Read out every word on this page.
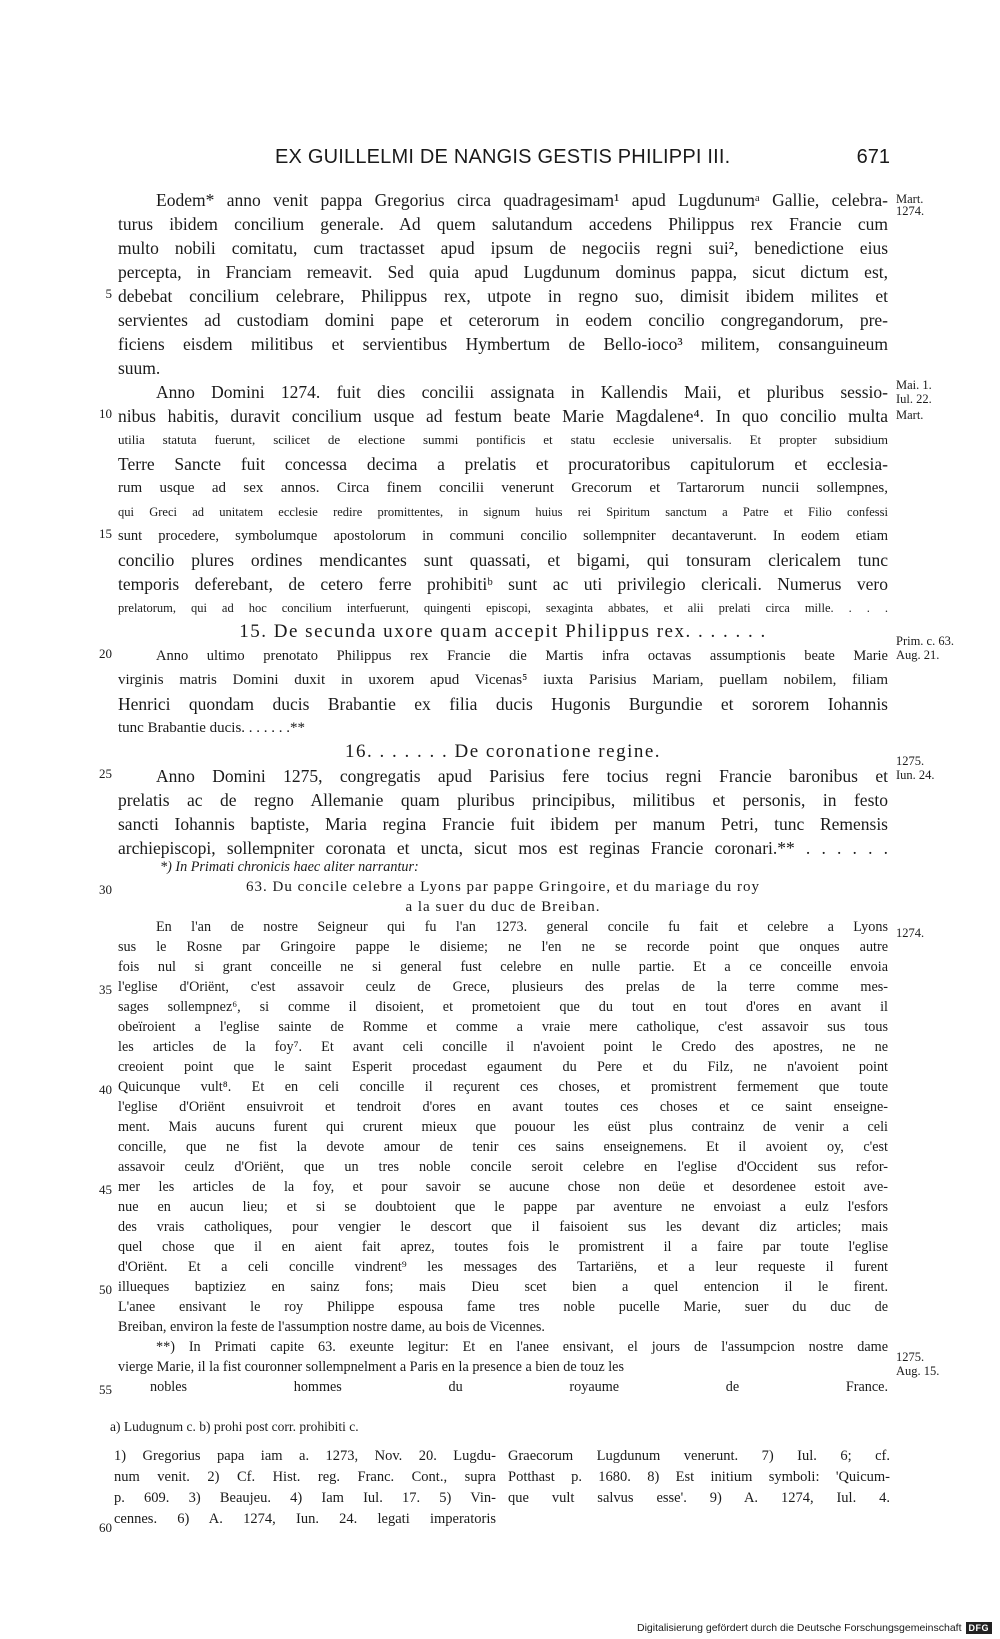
EX GUILLELMI DE NANGIS GESTIS PHILIPPI III.	671
Eodem* anno venit pappa Gregorius circa quadragesimam¹ apud Lugdunumᵃ Gallie, celebra-
turus ibidem concilium generale. Ad quem salutandum accedens Philippus rex Francie cum
multo nobili comitatu, cum tractasset apud ipsum de negociis regni sui², benedictione eius
percepta, in Franciam remeavit. Sed quia apud Lugdunum dominus pappa, sicut dictum est,
debebat concilium celebrare, Philippus rex, utpote in regno suo, dimisit ibidem milites et
servientes ad custodiam domini pape et ceterorum in eodem concilio congregandorum, pre-
ficiens eisdem militibus et servientibus Hymbertum de Bello-ioco³ militem, consanguineum
suum.
Anno Domini 1274. fuit dies concilii assignata in Kallendis Maii, et pluribus sessio-
nibus habitis, duravit concilium usque ad festum beate Marie Magdalene⁴. In quo concilio multa
utilia statuta fuerunt, scilicet de electione summi pontificis et statu ecclesie universalis. Et propter subsidium
Terre Sancte fuit concessa decima a prelatis et procuratoribus capitulorum et ecclesia-
rum usque ad sex annos. Circa finem concilii venerunt Grecorum et Tartarorum nuncii sollempnes,
qui Greci ad unitatem ecclesie redire promittentes, in signum huius rei Spiritum sanctum a Patre et Filio confessi
sunt procedere, symbolumque apostolorum in communi concilio sollempniter decantaverunt. In eodem etiam
concilio plures ordines mendicantes sunt quassati, et bigami, qui tonsuram clericalem tunc
temporis deferebant, de cetero ferre prohibitiᵇ sunt ac uti privilegio clericali. Numerus vero
prelatorum, qui ad hoc concilium interfuerunt, quingenti episcopi, sexaginta abbates, et alii prelati circa mille. . . .
15. De secunda uxore quam accepit Philippus rex. . . . . . .
Anno ultimo prenotato Philippus rex Francie die Martis infra octavas assumptionis beate Marie
virginis matris Domini duxit in uxorem apud Vicenas⁵ iuxta Parisius Mariam, puellam nobilem, filiam
Henrici quondam ducis Brabantie ex filia ducis Hugonis Burgundie et sororem Iohannis
tunc Brabantie ducis. . . . . . .**
16. . . . . . . De coronatione regine.
Anno Domini 1275, congregatis apud Parisius fere tocius regni Francie baronibus et
prelatis ac de regno Allemanie quam pluribus principibus, militibus et personis, in festo
sancti Iohannis baptiste, Maria regina Francie fuit ibidem per manum Petri, tunc Remensis
archiepiscopi, sollempniter coronata et uncta, sicut mos est reginas Francie coronari.** . . . . . .
*) In Primati chronicis haec aliter narrantur:
63. Du concile celebre a Lyons par pappe Gringoire, et du mariage du roy
a la suer du duc de Breiban.
En l'an de nostre Seigneur qui fu l'an 1273. general concile fu fait et celebre a Lyons
sus le Rosne par Gringoire pappe le disieme; ne l'en ne se recorde point que onques autre
fois nul si grant conceille ne si general fust celebre en nulle partie. Et a ce conceille envoia
l'eglise d'Oriënt, c'est assavoir ceulz de Grece, plusieurs des prelas de la terre comme mes-
sages sollempnez⁶, si comme il disoient, et prometoient que du tout en tout d'ores en avant il
obeïroient a l'eglise sainte de Romme et comme a vraie mere catholique, c'est assavoir sus tous
les articles de la foy⁷. Et avant celi concille il n'avoient point le Credo des apostres, ne ne
creoient point que le saint Esperit procedast egaument du Pere et du Filz, ne n'avoient point
Quicunque vult⁸. Et en celi concille il reçurent ces choses, et promistrent fermement que toute
l'eglise d'Oriënt ensuivroit et tendroit d'ores en avant toutes ces choses et ce saint enseigne-
ment. Mais aucuns furent qui crurent mieux que pouour les eüst plus contrainz de venir a celi
concille, que ne fist la devote amour de tenir ces sains enseignemens. Et il avoient oy, c'est
assavoir ceulz d'Oriënt, que un tres noble concile seroit celebre en l'eglise d'Occident sus refor-
mer les articles de la foy, et pour savoir se aucune chose non deüe et desordenee estoit ave-
nue en aucun lieu; et si se doubtoient que le pappe par aventure ne envoiast a eulz l'esfors
des vrais catholiques, pour vengier le descort que il faisoient sus les devant diz articles; mais
quel chose que il en aient fait aprez, toutes fois le promistrent il a faire par toute l'eglise
d'Oriënt. Et a celi concille vindrent⁹ les messages des Tartariëns, et a leur requeste il furent
illueques baptiziez en sainz fons; mais Dieu scet bien a quel entencion il le firent.
L'anee ensivant le roy Philippe espousa fame tres noble pucelle Marie, suer du duc de
Breiban, environ la feste de l'assumption nostre dame, au bois de Vicennes.
**) In Primati capite 63. exeunte legitur: Et en l'anee ensivant, el jours de l'assumpcion nostre dame
vierge Marie, il la fist couronner sollempnelment a Paris en la presence a bien de touz les
nobles hommes du royaume de France.
5
10
15
20
25
30
35
40
45
50
55
60
Mart.
1274.
Mai. 1.
Iul. 22.
Mart.
Prim. c. 63.
Aug. 21.
1275.
Iun. 24.
1274.
1275.
Aug. 15.
a) Ludugnum c. b) prohi post corr. prohibiti c.
1) Gregorius papa iam a. 1273, Nov. 20. Lugdu-
num venit. 2) Cf. Hist. reg. Franc. Cont., supra
p. 609. 3) Beaujeu. 4) Iam Iul. 17. 5) Vin-
cennes. 6) A. 1274, Iun. 24. legati imperatoris
Graecorum Lugdunum venerunt. 7) Iul. 6; cf.
Potthast p. 1680. 8) Est initium symboli: 'Quicum-
que vult salvus esse'. 9) A. 1274, Iul. 4.
Digitalisierung gefördert durch die Deutsche Forschungsgemeinschaft DFG
